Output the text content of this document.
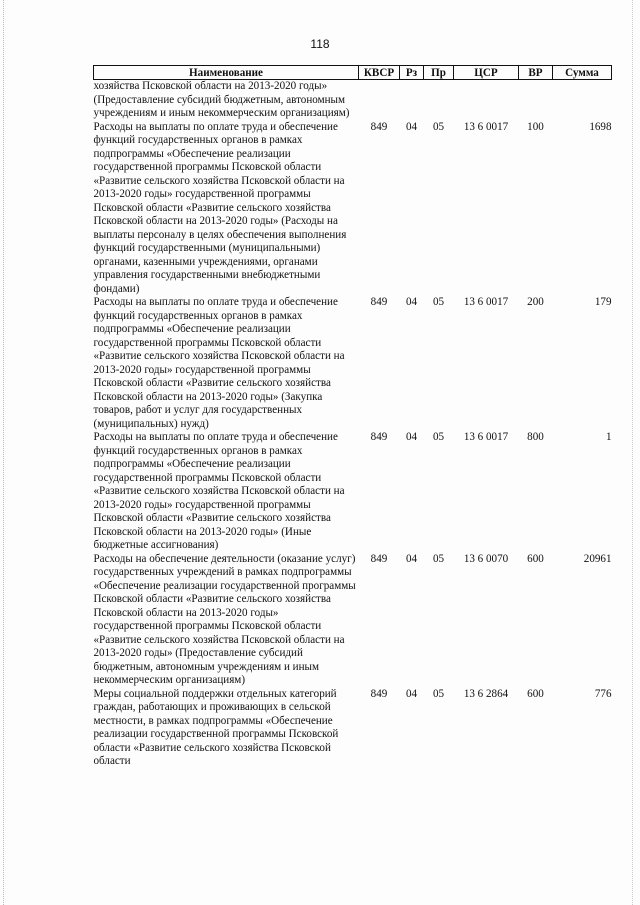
118
Наименование	КВСР	Рз	Пр	ЦСР	ВР	Сумма
хозяйства Псковской области на 2013-2020 годы» (Предоставление субсидий бюджетным, автономным учреждениям и иным некоммерческим организациям)						
Расходы на выплаты по оплате труда и обеспечение функций государственных органов в рамках подпрограммы «Обеспечение реализации государственной программы Псковской области «Развитие сельского хозяйства Псковской области на 2013-2020 годы» государственной программы Псковской области «Развитие сельского хозяйства Псковской области на 2013-2020 годы» (Расходы на выплаты персоналу в целях обеспечения выполнения функций государственными (муниципальными) органами, казенными учреждениями, органами управления государственными внебюджетными фондами)	849	04	05	13 6 0017	100	1698
Расходы на выплаты по оплате труда и обеспечение функций государственных органов в рамках подпрограммы «Обеспечение реализации государственной программы Псковской области «Развитие сельского хозяйства Псковской области на 2013-2020 годы» государственной программы Псковской области «Развитие сельского хозяйства Псковской области на 2013-2020 годы» (Закупка товаров, работ и услуг для государственных (муниципальных) нужд)	849	04	05	13 6 0017	200	179
Расходы на выплаты по оплате труда и обеспечение функций государственных органов в рамках подпрограммы «Обеспечение реализации государственной программы Псковской области «Развитие сельского хозяйства Псковской области на 2013-2020 годы» государственной программы Псковской области «Развитие сельского хозяйства Псковской области на 2013-2020 годы» (Иные бюджетные ассигнования)	849	04	05	13 6 0017	800	1
Расходы на обеспечение деятельности (оказание услуг) государственных учреждений в рамках подпрограммы «Обеспечение реализации государственной программы Псковской области «Развитие сельского хозяйства Псковской области на 2013-2020 годы» государственной программы Псковской области «Развитие сельского хозяйства Псковской области на 2013-2020 годы» (Предоставление субсидий бюджетным, автономным учреждениям и иным некоммерческим организациям)	849	04	05	13 6 0070	600	20961
Меры социальной поддержки отдельных категорий граждан, работающих и проживающих в сельской местности, в рамках подпрограммы «Обеспечение реализации государственной программы Псковской области «Развитие сельского хозяйства Псковской области	849	04	05	13 6 2864	600	776
